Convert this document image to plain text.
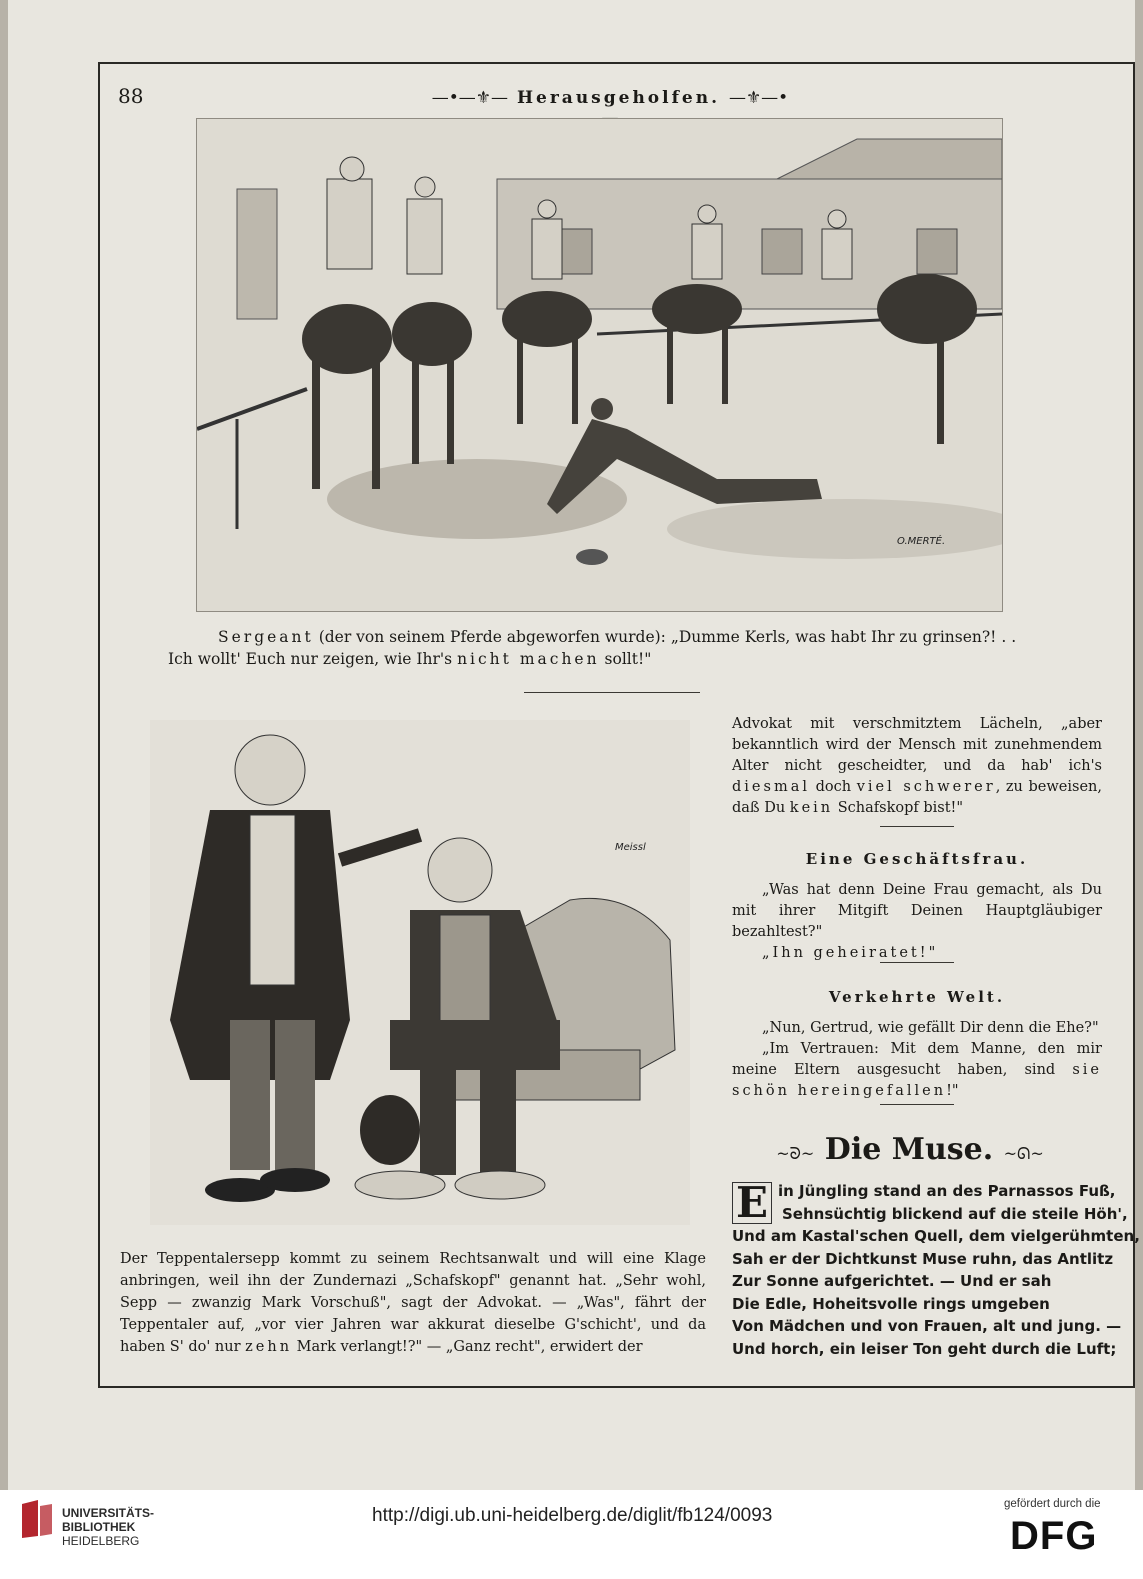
88	—•—⚜— Herausgeholfen. —⚜—•
O.MERTÉ.

Sergeant (der von seinem Pferde abgeworfen wurde): „Dumme Kerls, was habt Ihr zu grinsen?! . .

Ich wollt' Euch nur zeigen, wie Ihr's nicht machen sollt!"

Meissl
Der Teppentalersepp kommt zu seinem Rechtsanwalt und will eine Klage anbringen, weil ihn der Zundernazi „Schafskopf" genannt hat. „Sehr wohl, Sepp — zwanzig Mark Vorschuß", sagt der Advokat. — „Was", fährt der Teppentaler auf, „vor vier Jahren war akkurat dieselbe G'schicht', und da haben S' do' nur zehn Mark verlangt!?" — „Ganz recht", erwidert der
Advokat mit verschmitztem Lächeln, „aber bekanntlich wird der Mensch mit zunehmendem Alter nicht gescheidter, und da hab' ich's diesmal doch viel schwerer, zu beweisen, daß Du kein Schafskopf bist!"
Eine Geschäftsfrau.

„Was hat denn Deine Frau gemacht, als Du mit ihrer Mitgift Deinen Hauptgläubiger bezahltest?"

„Ihn geheiratet!"

Verkehrte Welt.

„Nun, Gertrud, wie gefällt Dir denn die Ehe?"

„Im Vertrauen: Mit dem Manne, den mir meine Eltern ausgesucht haben, sind sie schön hereingefallen!"

~ᘐ~ Die Muse. ~ᘏ~
E in Jüngling stand an des Parnassos Fuß,

Sehnsüchtig blickend auf die steile Höh',

Und am Kastal'schen Quell, dem vielgerühmten,

Sah er der Dichtkunst Muse ruhn, das Antlitz

Zur Sonne aufgerichtet. — Und er sah

Die Edle, Hoheitsvolle rings umgeben

Von Mädchen und von Frauen, alt und jung. —

Und horch, ein leiser Ton geht durch die Luft;

UNIVERSITÄTS-
BIBLIOTHEK
HEIDELBERG
http://digi.ub.uni-heidelberg.de/diglit/fb124/0093
gefördert durch die
DFG
